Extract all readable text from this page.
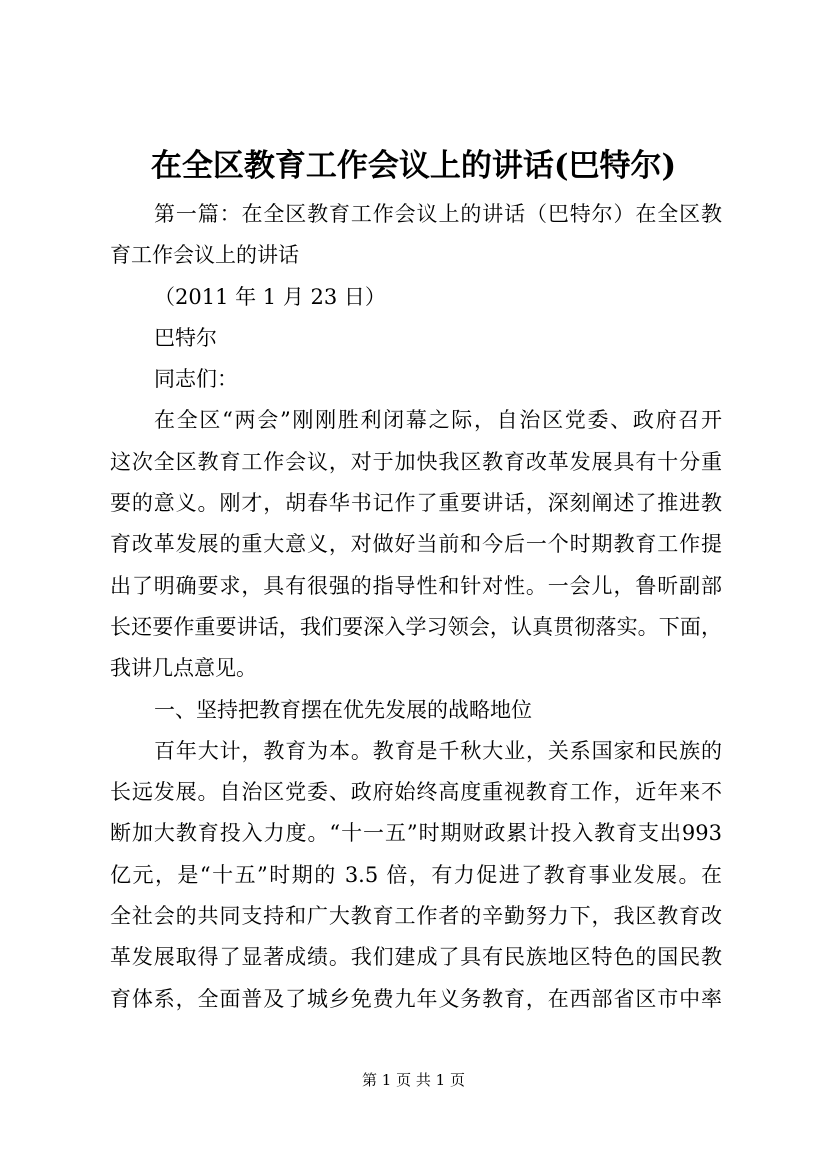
在全区教育工作会议上的讲话(巴特尔)
第一篇：在全区教育工作会议上的讲话（巴特尔）在全区教
育工作会议上的讲话
（2011 年 1 月 23 日）
巴特尔
同志们：
在全区“两会”刚刚胜利闭幕之际，自治区党委、政府召开
这次全区教育工作会议，对于加快我区教育改革发展具有十分重
要的意义。刚才，胡春华书记作了重要讲话，深刻阐述了推进教
育改革发展的重大意义，对做好当前和今后一个时期教育工作提
出了明确要求，具有很强的指导性和针对性。一会儿，鲁昕副部
长还要作重要讲话，我们要深入学习领会，认真贯彻落实。下面，
我讲几点意见。
一、坚持把教育摆在优先发展的战略地位
百年大计，教育为本。教育是千秋大业，关系国家和民族的
长远发展。自治区党委、政府始终高度重视教育工作，近年来不
断加大教育投入力度。“十一五”时期财政累计投入教育支出993
亿元，是“十五”时期的 3.5 倍，有力促进了教育事业发展。在
全社会的共同支持和广大教育工作者的辛勤努力下，我区教育改
革发展取得了显著成绩。我们建成了具有民族地区特色的国民教
育体系，全面普及了城乡免费九年义务教育，在西部省区市中率
第 1 页 共 1 页
